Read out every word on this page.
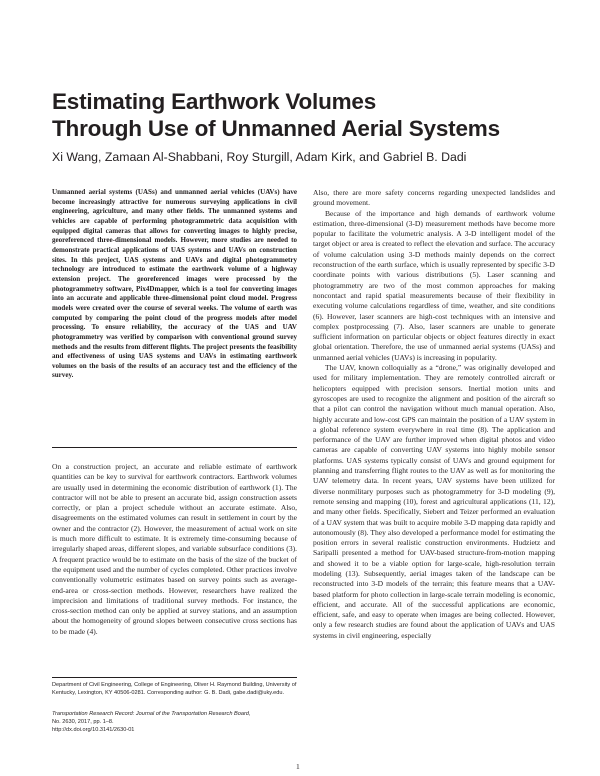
Estimating Earthwork Volumes
Through Use of Unmanned Aerial Systems

Xi Wang, Zamaan Al-Shabbani, Roy Sturgill, Adam Kirk, and Gabriel B. Dadi

Unmanned aerial systems (UASs) and unmanned aerial vehicles (UAVs) have become increasingly attractive for numerous surveying applications in civil engineering, agriculture, and many other fields. The unmanned systems and vehicles are capable of performing photogrammetric data acquisition with equipped digital cameras that allows for converting images to highly precise, georeferenced three-dimensional models. However, more studies are needed to demonstrate practical applications of UAS systems and UAVs on construction sites. In this project, UAS systems and UAVs and digital photogrammetry technology are introduced to estimate the earthwork volume of a highway extension project. The georeferenced images were processed by the photogrammetry software, Pix4Dmapper, which is a tool for converting images into an accurate and applicable three-dimensional point cloud model. Progress models were created over the course of several weeks. The volume of earth was computed by comparing the point cloud of the progress models after model processing. To ensure reliability, the accuracy of the UAS and UAV photogrammetry was verified by comparison with conventional ground survey methods and the results from different flights. The project presents the feasibility and effectiveness of using UAS systems and UAVs in estimating earthwork volumes on the basis of the results of an accuracy test and the efficiency of the survey.

On a construction project, an accurate and reliable estimate of earthwork quantities can be key to survival for earthwork contractors. Earthwork volumes are usually used in determining the economic distribution of earthwork (1). The contractor will not be able to present an accurate bid, assign construction assets correctly, or plan a project schedule without an accurate estimate. Also, disagreements on the estimated volumes can result in settlement in court by the owner and the contractor (2). However, the measurement of actual work on site is much more difficult to estimate. It is extremely time-consuming because of irregularly shaped areas, different slopes, and variable subsurface conditions (3). A frequent practice would be to estimate on the basis of the size of the bucket of the equipment used and the number of cycles completed. Other practices involve conventionally volumetric estimates based on survey points such as average-end-area or cross-section methods. However, researchers have realized the imprecision and limitations of traditional survey methods. For instance, the cross-section method can only be applied at survey stations, and an assumption about the homogeneity of ground slopes between consecutive cross sections has to be made (4).

Also, there are more safety concerns regarding unexpected landslides and ground movement.

Because of the importance and high demands of earthwork volume estimation, three-dimensional (3-D) measurement methods have become more popular to facilitate the volumetric analysis. A 3-D intelligent model of the target object or area is created to reflect the elevation and surface. The accuracy of volume calculation using 3-D methods mainly depends on the correct reconstruction of the earth surface, which is usually represented by specific 3-D coordinate points with various distributions (5). Laser scanning and photogrammetry are two of the most common approaches for making noncontact and rapid spatial measurements because of their flexibility in executing volume calculations regardless of time, weather, and site conditions (6). However, laser scanners are high-cost techniques with an intensive and complex postprocessing (7). Also, laser scanners are unable to generate sufficient information on particular objects or object features directly in exact global orientation. Therefore, the use of unmanned aerial systems (UASs) and unmanned aerial vehicles (UAVs) is increasing in popularity.

The UAV, known colloquially as a “drone,” was originally developed and used for military implementation. They are remotely controlled aircraft or helicopters equipped with precision sensors. Inertial motion units and gyroscopes are used to recognize the alignment and position of the aircraft so that a pilot can control the navigation without much manual operation. Also, highly accurate and low-cost GPS can maintain the position of a UAV system in a global reference system everywhere in real time (8). The application and performance of the UAV are further improved when digital photos and video cameras are capable of converting UAV systems into highly mobile sensor platforms. UAS systems typically consist of UAVs and ground equipment for planning and transferring flight routes to the UAV as well as for monitoring the UAV telemetry data. In recent years, UAV systems have been utilized for diverse nonmilitary purposes such as photogrammetry for 3-D modeling (9), remote sensing and mapping (10), forest and agricultural applications (11, 12), and many other fields. Specifically, Siebert and Teizer performed an evaluation of a UAV system that was built to acquire mobile 3-D mapping data rapidly and autonomously (8). They also developed a performance model for estimating the position errors in several realistic construction environments. Hudzietz and Saripalli presented a method for UAV-based structure-from-motion mapping and showed it to be a viable option for large-scale, high-resolution terrain modeling (13). Subsequently, aerial images taken of the landscape can be reconstructed into 3-D models of the terrain; this feature means that a UAV-based platform for photo collection in large-scale terrain modeling is economic, efficient, and accurate. All of the successful applications are economic, efficient, safe, and easy to operate when images are being collected. However, only a few research studies are found about the application of UAVs and UAS systems in civil engineering, especially

Department of Civil Engineering, College of Engineering, Oliver H. Raymond Building, University of Kentucky, Lexington, KY 40506-0281. Corresponding author: G. B. Dadi, gabe.dadi@uky.edu.

Transportation Research Record: Journal of the Transportation Research Board,
No. 2630, 2017, pp. 1–8.
http://dx.doi.org/10.3141/2630-01

1
